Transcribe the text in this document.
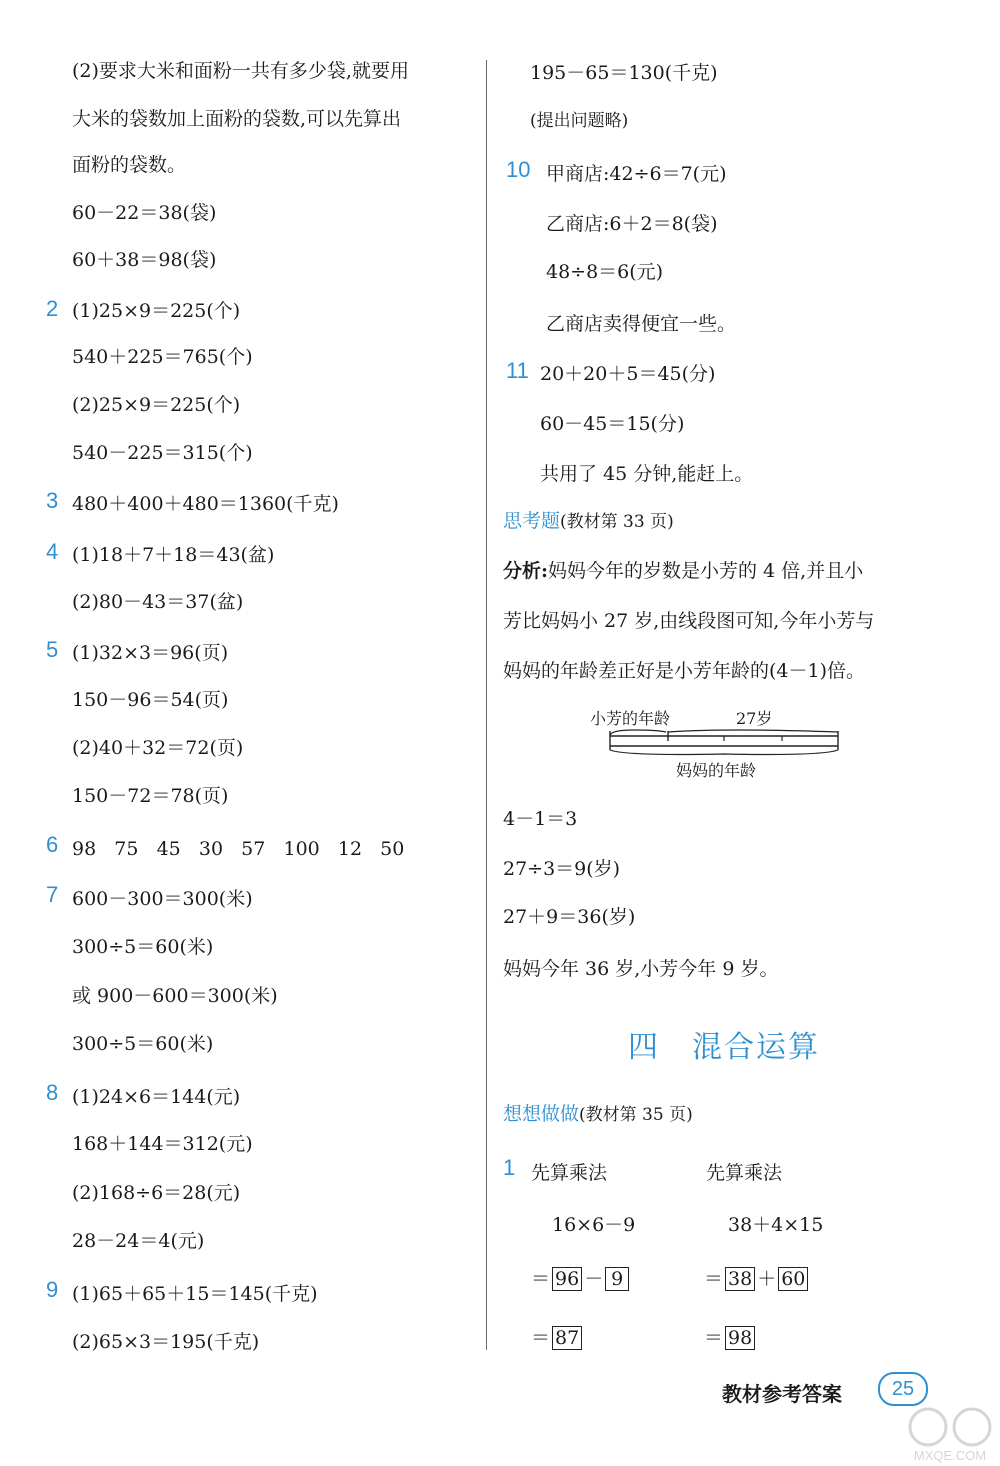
(2)要求大米和面粉一共有多少袋,就要用
大米的袋数加上面粉的袋数,可以先算出
面粉的袋数。
60－22＝38(袋)
60＋38＝98(袋)
2 (1)25×9＝225(个)
540＋225＝765(个)
(2)25×9＝225(个)
540－225＝315(个)
3 480＋400＋480＝1360(千克)
4 (1)18＋7＋18＝43(盆)
(2)80－43＝37(盆)
5 (1)32×3＝96(页)
150－96＝54(页)
(2)40＋32＝72(页)
150－72＝78(页)
6 98   75   45   30   57   100   12   50
7 600－300＝300(米)
300÷5＝60(米)
或 900－600＝300(米)
300÷5＝60(米)
8 (1)24×6＝144(元)
168＋144＝312(元)
(2)168÷6＝28(元)
28－24＝4(元)
9 (1)65＋65＋15＝145(千克)
(2)65×3＝195(千克)
195－65＝130(千克)
(提出问题略)
10 甲商店:42÷6＝7(元)
乙商店:6＋2＝8(袋)
48÷8＝6(元)
乙商店卖得便宜一些。
11 20＋20＋5＝45(分)
60－45＝15(分)
共用了 45 分钟,能赶上。
思考题(教材第 33 页)
分析:妈妈今年的岁数是小芳的 4 倍,并且小
芳比妈妈小 27 岁,由线段图可知,今年小芳与
妈妈的年龄差正好是小芳年龄的(4－1)倍。
小芳的年龄	27岁
妈妈的年龄
4－1＝3
27÷3＝9(岁)
27＋9＝36(岁)
妈妈今年 36 岁,小芳今年 9 岁。
四　混合运算
想想做做(教材第 35 页)
1 先算乘法	先算乘法
16×6－9	38＋4×15
＝ 96 － 9	＝ 38 ＋ 60
＝ 87	＝ 98
教材参考答案	25
MXQE.COM
